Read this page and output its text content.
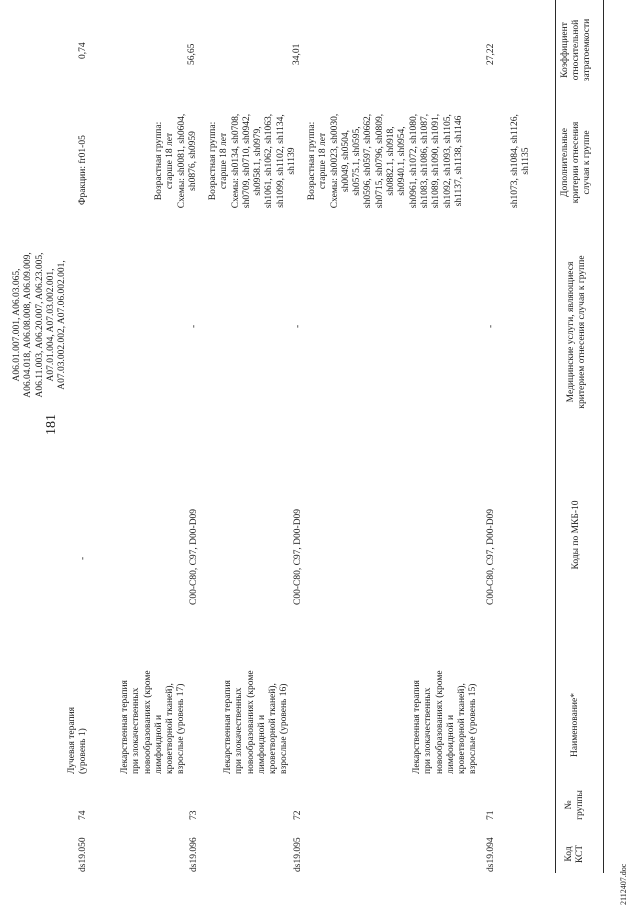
181
Коэффициент
относительной
затратоемкости
Дополнительные
критерии отнесения
случая к группе
Медицинские услуги, являющиеся
критерием отнесения случая к группе
Коды по МКБ-10
Наименование*
№
группы
Код
КСТ
sh1073, sh1084, sh1126,
sh1135
ds19.094
71
Лекарственная терапия
при злокачественных
новообразованиях (кроме
лимфоидной и
кроветворной тканей),
взрослые (уровень 15)
C00-C80, C97, D00-D09
-
Возрастная группа:
старше 18 лет
Схемы: sh0023, sh0030,
sh0049, sh0504,
sh0575.1, sh0595,
sh0596, sh0597, sh0662,
sh0715, sh0796, sh0809,
sh0882.1, sh0918,
sh0940.1, sh0954,
sh0961, sh1072, sh1080,
sh1083, sh1086, sh1087,
sh1089, sh1090, sh1091,
sh1092, sh1093, sh1105,
sh1137, sh1138, sh1146
27,22
ds19.095
72
Лекарственная терапия
при злокачественных
новообразованиях (кроме
лимфоидной и
кроветворной тканей),
взрослые (уровень 16)
C00-C80, C97, D00-D09
-
Возрастная группа:
старше 18 лет
Схемы: sh0134, sh0708,
sh0709, sh0710, sh0942,
sh0958.1, sh0979,
sh1061, sh1062, sh1063,
sh1099, sh1102, sh1134,
sh1139
34,01
ds19.096
73
Лекарственная терапия
при злокачественных
новообразованиях (кроме
лимфоидной и
кроветворной тканей),
взрослые (уровень 17)
C00-C80, C97, D00-D09
-
Возрастная группа:
старше 18 лет
Схемы: sh0081, sh0604,
sh0876, sh0959
56,65
ds19.050
74
Лучевая терапия
(уровень 1)
-
A06.01.007.001, A06.03.065,
A06.04.018, A06.08.008, A06.09.009,
A06.11.003, A06.20.007, A06.23.005,
A07.01.004, A07.03.002.001,
A07.03.002.002, A07.06.002.001,
Фракции: fr01-05
0,74
2112407.doc
